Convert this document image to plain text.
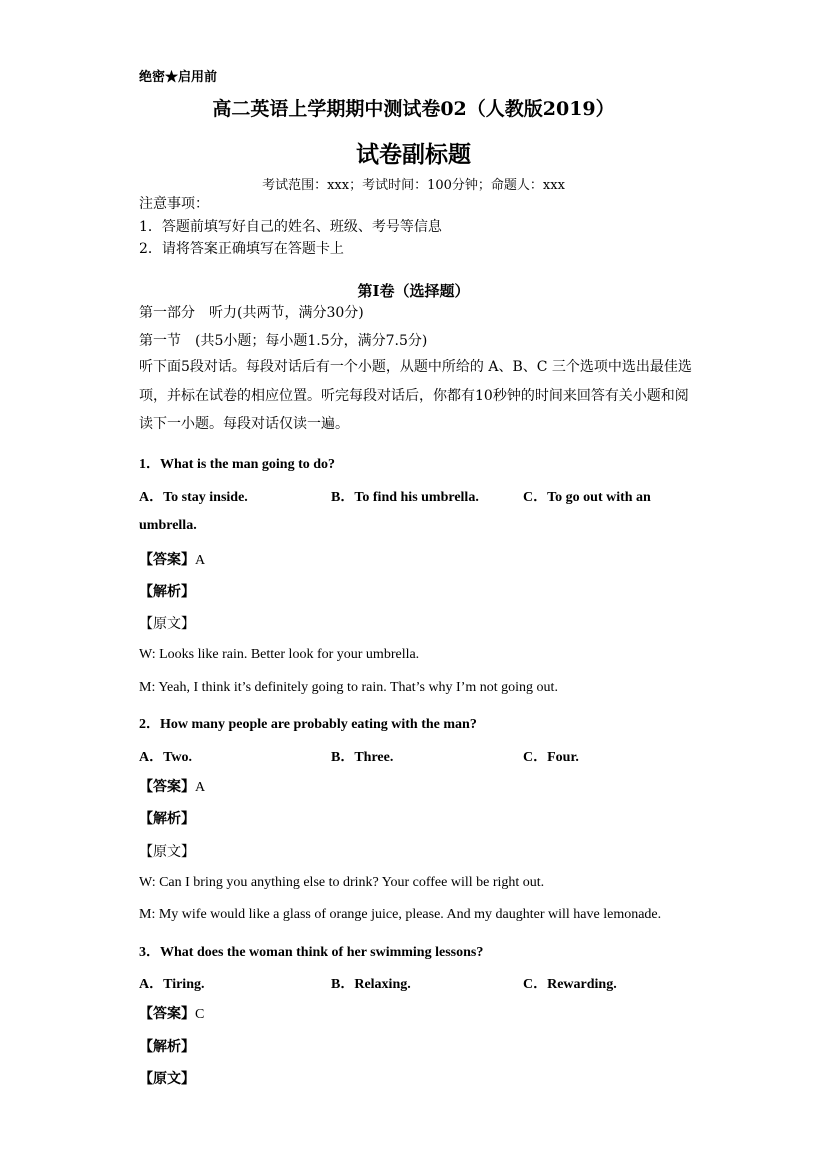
绝密★启用前
高二英语上学期期中测试卷02（人教版2019）
试卷副标题
考试范围：xxx；考试时间：100分钟；命题人：xxx
注意事项：
1．答题前填写好自己的姓名、班级、考号等信息
2．请将答案正确填写在答题卡上
第I卷（选择题）
第一部分　听力(共两节，满分30分)
第一节　(共5小题；每小题1.5分，满分7.5分)
听下面5段对话。每段对话后有一个小题，从题中所给的 A、B、C 三个选项中选出最佳选项，并标在试卷的相应位置。听完每段对话后，你都有10秒钟的时间来回答有关小题和阅读下一小题。每段对话仅读一遍。
1．What is the man going to do?
A．To stay inside.	B．To find his umbrella.	C．To go out with an
umbrella.
【答案】A
【解析】
【原文】
W: Looks like rain. Better look for your umbrella.
M: Yeah, I think it’s definitely going to rain. That’s why I’m not going out.
2．How many people are probably eating with the man?
A．Two.	B．Three.	C．Four.
【答案】A
【解析】
【原文】
W: Can I bring you anything else to drink? Your coffee will be right out.
M: My wife would like a glass of orange juice, please. And my daughter will have lemonade.
3．What does the woman think of her swimming lessons?
A．Tiring.	B．Relaxing.	C．Rewarding.
【答案】C
【解析】
【原文】
